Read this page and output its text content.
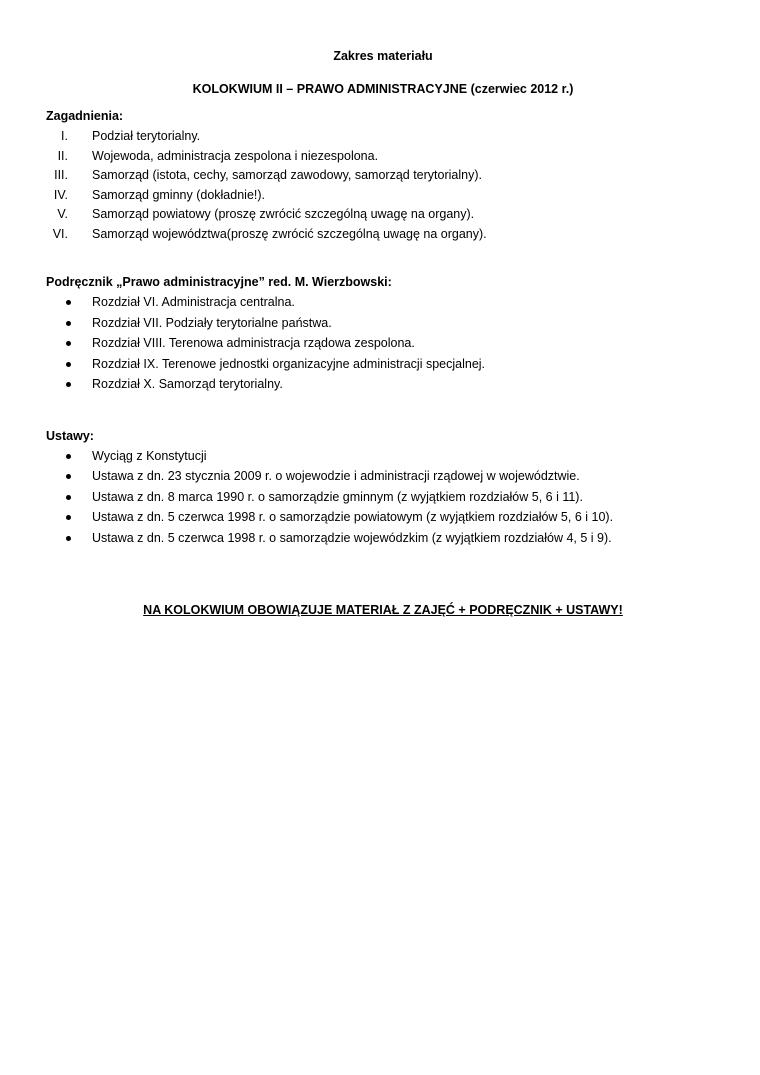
Zakres materiału

KOLOKWIUM II – PRAWO ADMINISTRACYJNE (czerwiec 2012 r.)

Zagadnienia:

I. Podział terytorialny.
II. Wojewoda, administracja zespolona i niezespolona.
III. Samorząd (istota, cechy, samorząd zawodowy, samorząd terytorialny).
IV. Samorząd gminny (dokładnie!).
V. Samorząd powiatowy (proszę zwrócić szczególną uwagę na organy).
VI. Samorząd województwa(proszę zwrócić szczególną uwagę na organy).

Podręcznik „Prawo administracyjne” red. M. Wierzbowski:

Rozdział VI. Administracja centralna.
Rozdział VII. Podziały terytorialne państwa.
Rozdział VIII. Terenowa administracja rządowa zespolona.
Rozdział IX. Terenowe jednostki organizacyjne administracji specjalnej.
Rozdział X. Samorząd terytorialny.

Ustawy:

Wyciąg z Konstytucji
Ustawa z dn. 23 stycznia 2009 r. o wojewodzie i administracji rządowej w województwie.
Ustawa z dn. 8 marca 1990 r. o samorządzie gminnym (z wyjątkiem rozdziałów 5, 6 i 11).
Ustawa z dn. 5 czerwca 1998 r. o samorządzie powiatowym (z wyjątkiem rozdziałów 5, 6 i 10).
Ustawa z dn. 5 czerwca 1998 r. o samorządzie wojewódzkim (z wyjątkiem rozdziałów 4, 5 i 9).

NA KOLOKWIUM OBOWIĄZUJE MATERIAŁ Z ZAJĘĆ + PODRĘCZNIK + USTAWY!
